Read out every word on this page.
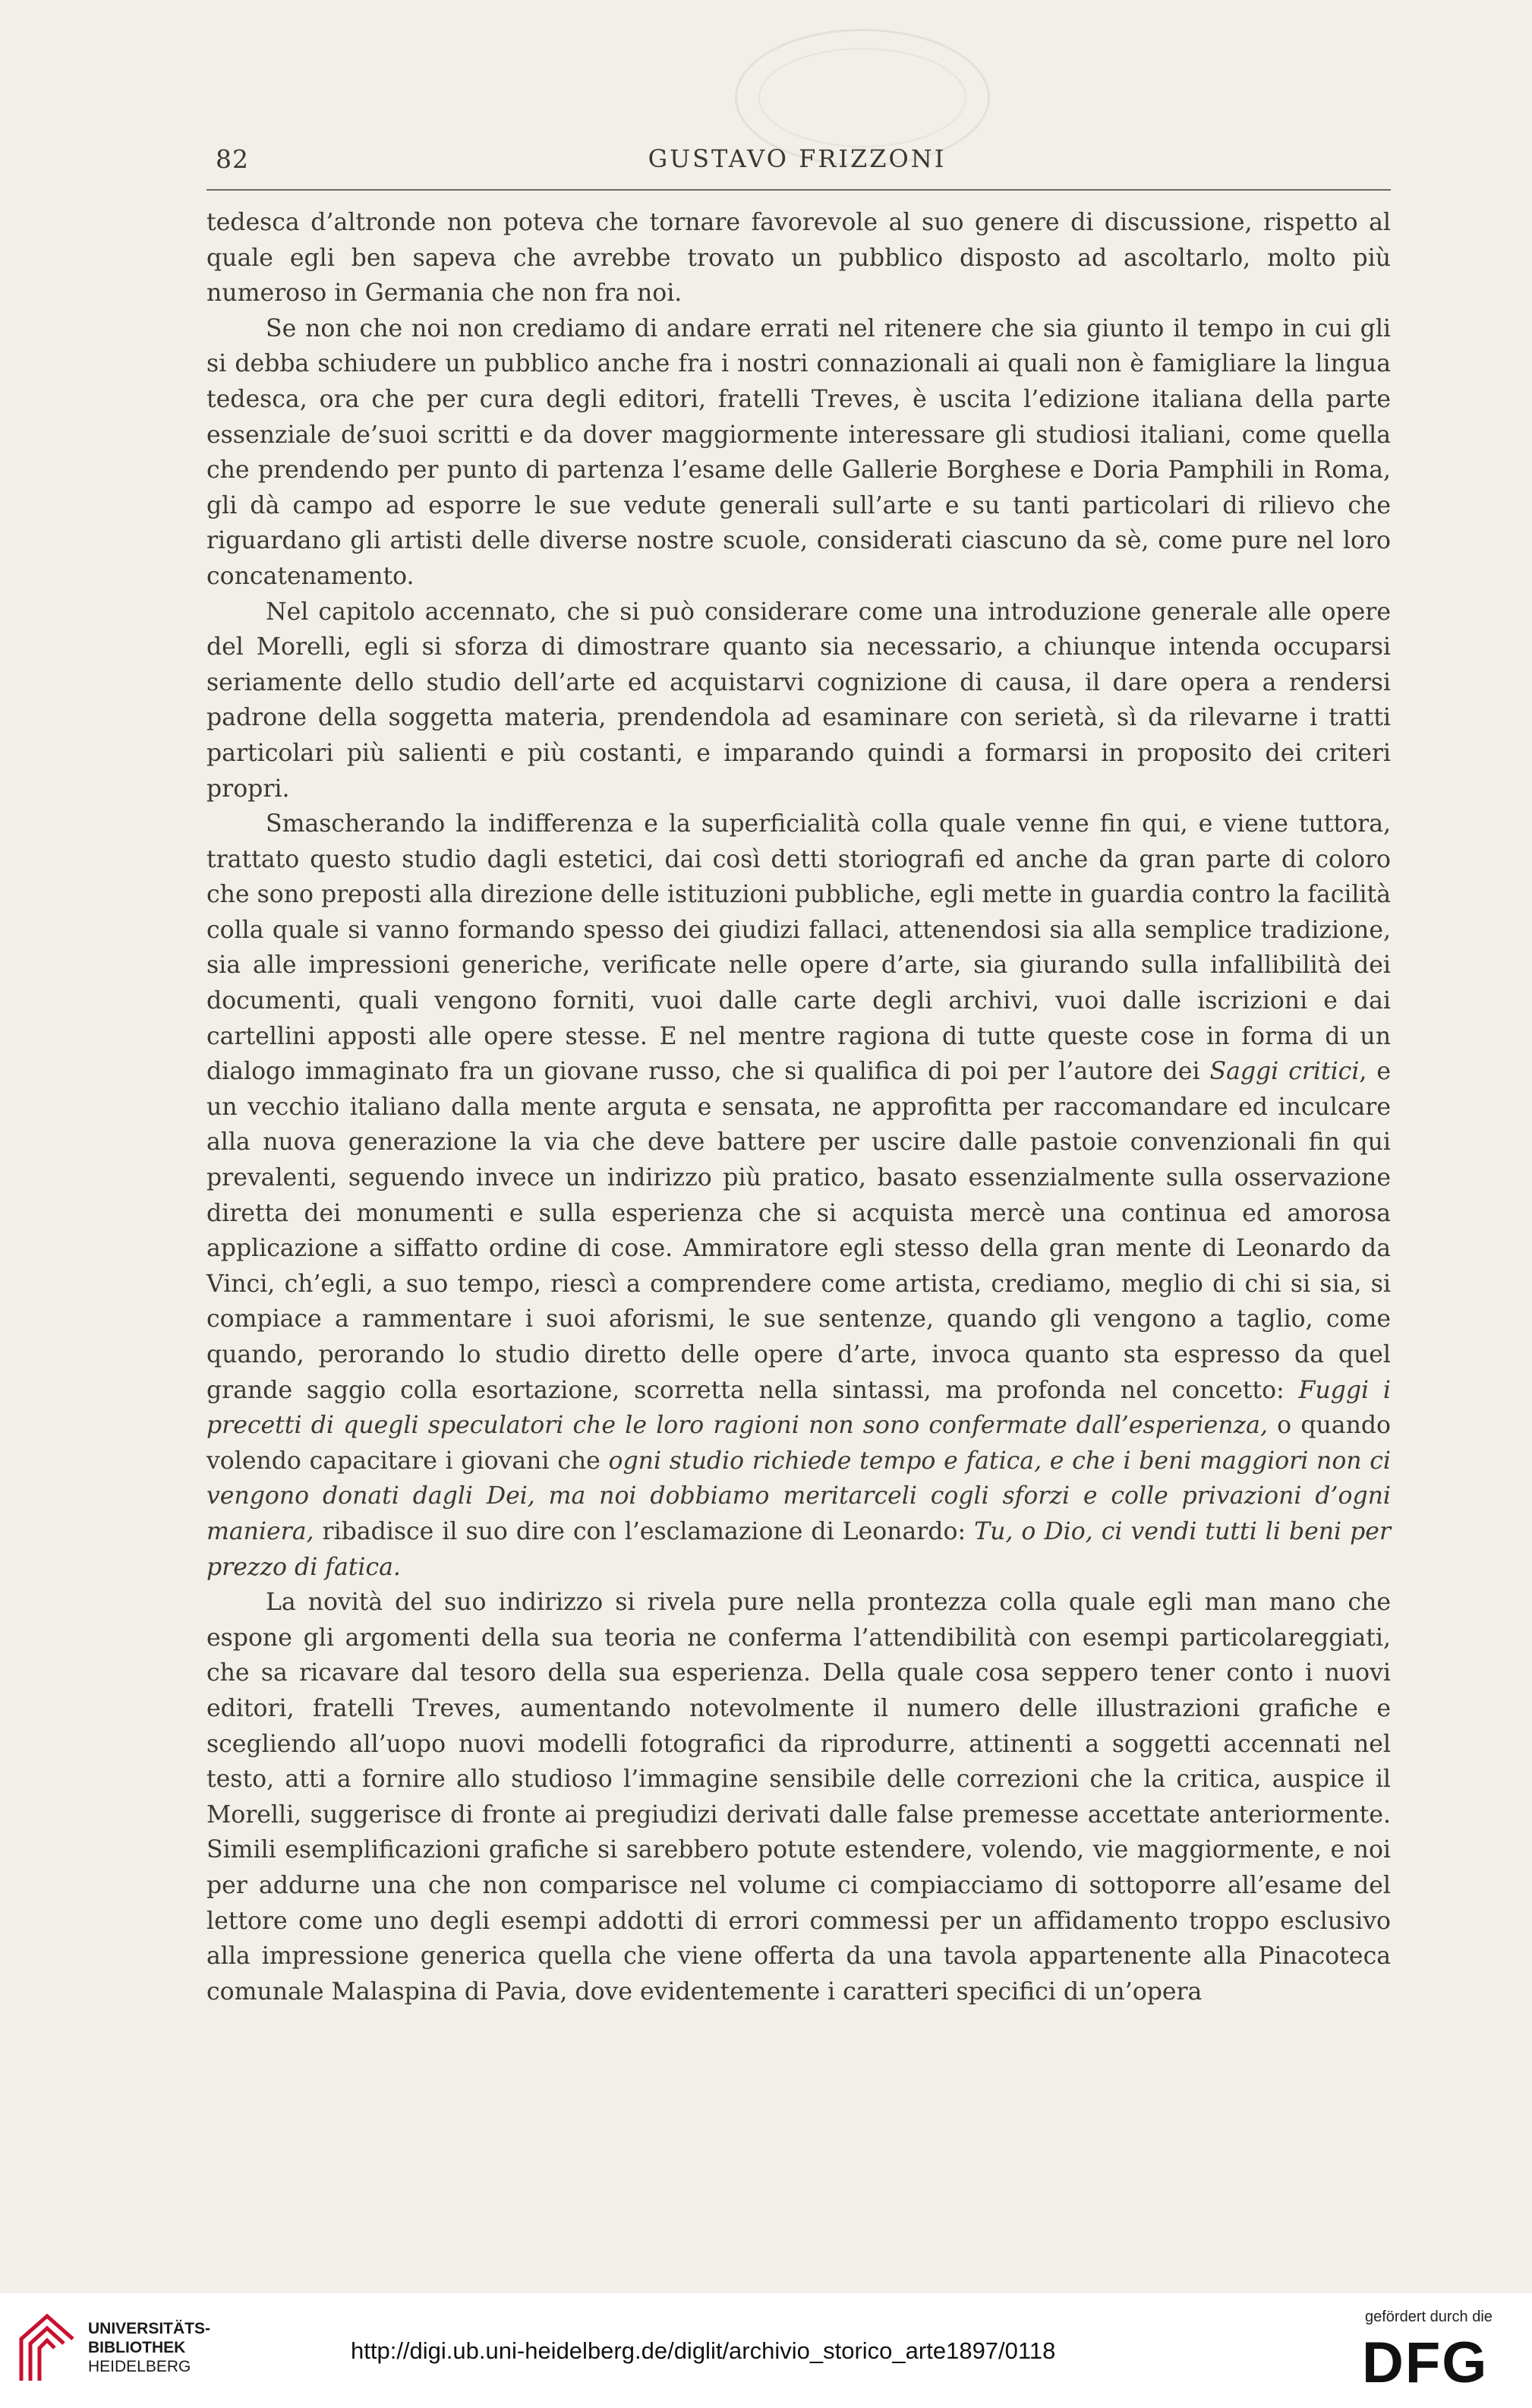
82	GUSTAVO FRIZZONI

tedesca d’altronde non poteva che tornare favorevole al suo genere di discussione, rispetto al quale egli ben sapeva che avrebbe trovato un pubblico disposto ad ascoltarlo, molto più numeroso in Germania che non fra noi.

Se non che noi non crediamo di andare errati nel ritenere che sia giunto il tempo in cui gli si debba schiudere un pubblico anche fra i nostri connazionali ai quali non è famigliare la lingua tedesca, ora che per cura degli editori, fratelli Treves, è uscita l’edizione italiana della parte essenziale de’suoi scritti e da dover maggiormente interessare gli studiosi italiani, come quella che prendendo per punto di partenza l’esame delle Gallerie Borghese e Doria Pamphili in Roma, gli dà campo ad esporre le sue vedute generali sull’arte e su tanti particolari di rilievo che riguardano gli artisti delle diverse nostre scuole, considerati ciascuno da sè, come pure nel loro concatenamento.

Nel capitolo accennato, che si può considerare come una introduzione generale alle opere del Morelli, egli si sforza di dimostrare quanto sia necessario, a chiunque intenda occuparsi seriamente dello studio dell’arte ed acquistarvi cognizione di causa, il dare opera a rendersi padrone della soggetta materia, prendendola ad esaminare con serietà, sì da rilevarne i tratti particolari più salienti e più costanti, e imparando quindi a formarsi in proposito dei criteri propri.

Smascherando la indifferenza e la superficialità colla quale venne fin qui, e viene tuttora, trattato questo studio dagli estetici, dai così detti storiografi ed anche da gran parte di coloro che sono preposti alla direzione delle istituzioni pubbliche, egli mette in guardia contro la facilità colla quale si vanno formando spesso dei giudizi fallaci, attenendosi sia alla semplice tradizione, sia alle impressioni generiche, verificate nelle opere d’arte, sia giurando sulla infallibilità dei documenti, quali vengono forniti, vuoi dalle carte degli archivi, vuoi dalle iscrizioni e dai cartellini apposti alle opere stesse. E nel mentre ragiona di tutte queste cose in forma di un dialogo immaginato fra un giovane russo, che si qualifica di poi per l’autore dei Saggi critici, e un vecchio italiano dalla mente arguta e sensata, ne approfitta per raccomandare ed inculcare alla nuova generazione la via che deve battere per uscire dalle pastoie convenzionali fin qui prevalenti, seguendo invece un indirizzo più pratico, basato essenzialmente sulla osservazione diretta dei monumenti e sulla esperienza che si acquista mercè una continua ed amorosa applicazione a siffatto ordine di cose. Ammiratore egli stesso della gran mente di Leonardo da Vinci, ch’egli, a suo tempo, riescì a comprendere come artista, crediamo, meglio di chi si sia, si compiace a rammentare i suoi aforismi, le sue sentenze, quando gli vengono a taglio, come quando, perorando lo studio diretto delle opere d’arte, invoca quanto sta espresso da quel grande saggio colla esortazione, scorretta nella sintassi, ma profonda nel concetto: Fuggi i precetti di quegli speculatori che le loro ragioni non sono confermate dall’esperienza, o quando volendo capacitare i giovani che ogni studio richiede tempo e fatica, e che i beni maggiori non ci vengono donati dagli Dei, ma noi dobbiamo meritarceli cogli sforzi e colle privazioni d’ogni maniera, ribadisce il suo dire con l’esclamazione di Leonardo: Tu, o Dio, ci vendi tutti li beni per prezzo di fatica.

La novità del suo indirizzo si rivela pure nella prontezza colla quale egli man mano che espone gli argomenti della sua teoria ne conferma l’attendibilità con esempi particolareggiati, che sa ricavare dal tesoro della sua esperienza. Della quale cosa seppero tener conto i nuovi editori, fratelli Treves, aumentando notevolmente il numero delle illustrazioni grafiche e scegliendo all’uopo nuovi modelli fotografici da riprodurre, attinenti a soggetti accennati nel testo, atti a fornire allo studioso l’immagine sensibile delle correzioni che la critica, auspice il Morelli, suggerisce di fronte ai pregiudizi derivati dalle false premesse accettate anteriormente. Simili esemplificazioni grafiche si sarebbero potute estendere, volendo, vie maggiormente, e noi per addurne una che non comparisce nel volume ci compiacciamo di sottoporre all’esame del lettore come uno degli esempi addotti di errori commessi per un affidamento troppo esclusivo alla impressione generica quella che viene offerta da una tavola appartenente alla Pinacoteca comunale Malaspina di Pavia, dove evidentemente i caratteri specifici di un’opera

UNIVERSITÄTS-
BIBLIOTHEK
HEIDELBERG
http://digi.ub.uni-heidelberg.de/diglit/archivio_storico_arte1897/0118
gefördert durch die
DFG
